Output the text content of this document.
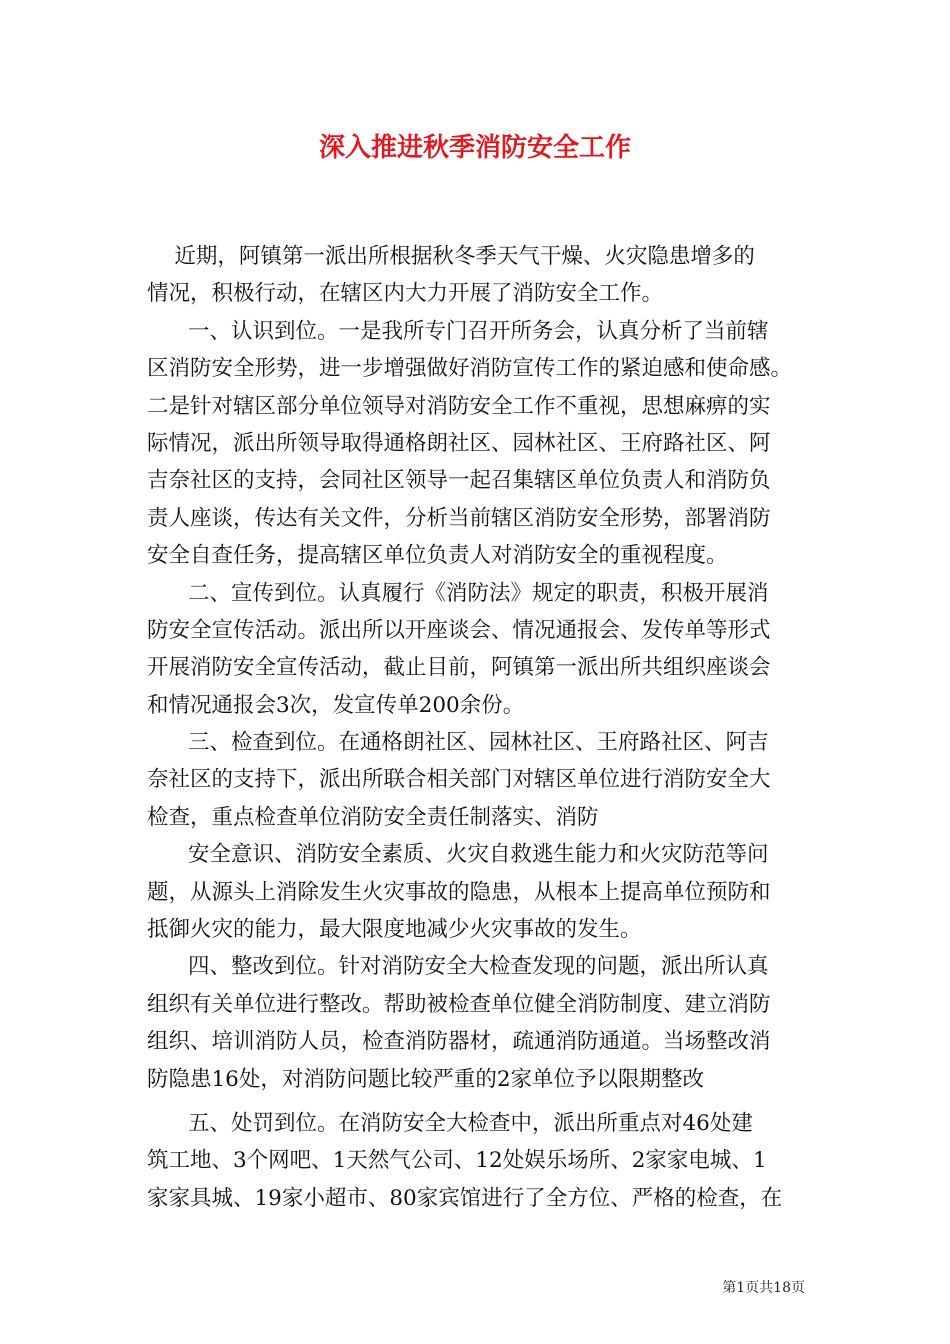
深入推进秋季消防安全工作
近期，阿镇第一派出所根据秋冬季天气干燥、火灾隐患增多的
情况，积极行动，在辖区内大力开展了消防安全工作。
一、认识到位。一是我所专门召开所务会，认真分析了当前辖
区消防安全形势，进一步增强做好消防宣传工作的紧迫感和使命感。
二是针对辖区部分单位领导对消防安全工作不重视，思想麻痹的实
际情况，派出所领导取得通格朗社区、园林社区、王府路社区、阿
吉奈社区的支持，会同社区领导一起召集辖区单位负责人和消防负
责人座谈，传达有关文件，分析当前辖区消防安全形势，部署消防
安全自查任务，提高辖区单位负责人对消防安全的重视程度。
二、宣传到位。认真履行《消防法》规定的职责，积极开展消
防安全宣传活动。派出所以开座谈会、情况通报会、发传单等形式
开展消防安全宣传活动，截止目前，阿镇第一派出所共组织座谈会
和情况通报会3次，发宣传单200余份。
三、检查到位。在通格朗社区、园林社区、王府路社区、阿吉
奈社区的支持下，派出所联合相关部门对辖区单位进行消防安全大
检查，重点检查单位消防安全责任制落实、消防
安全意识、消防安全素质、火灾自救逃生能力和火灾防范等问
题，从源头上消除发生火灾事故的隐患，从根本上提高单位预防和
抵御火灾的能力，最大限度地减少火灾事故的发生。
四、整改到位。针对消防安全大检查发现的问题，派出所认真
组织有关单位进行整改。帮助被检查单位健全消防制度、建立消防
组织、培训消防人员，检查消防器材，疏通消防通道。当场整改消
防隐患16处，对消防问题比较严重的2家单位予以限期整改
五、处罚到位。在消防安全大检查中，派出所重点对46处建
筑工地、3个网吧、1天然气公司、12处娱乐场所、2家家电城、1
家家具城、19家小超市、80家宾馆进行了全方位、严格的检查，在
第1页共18页
